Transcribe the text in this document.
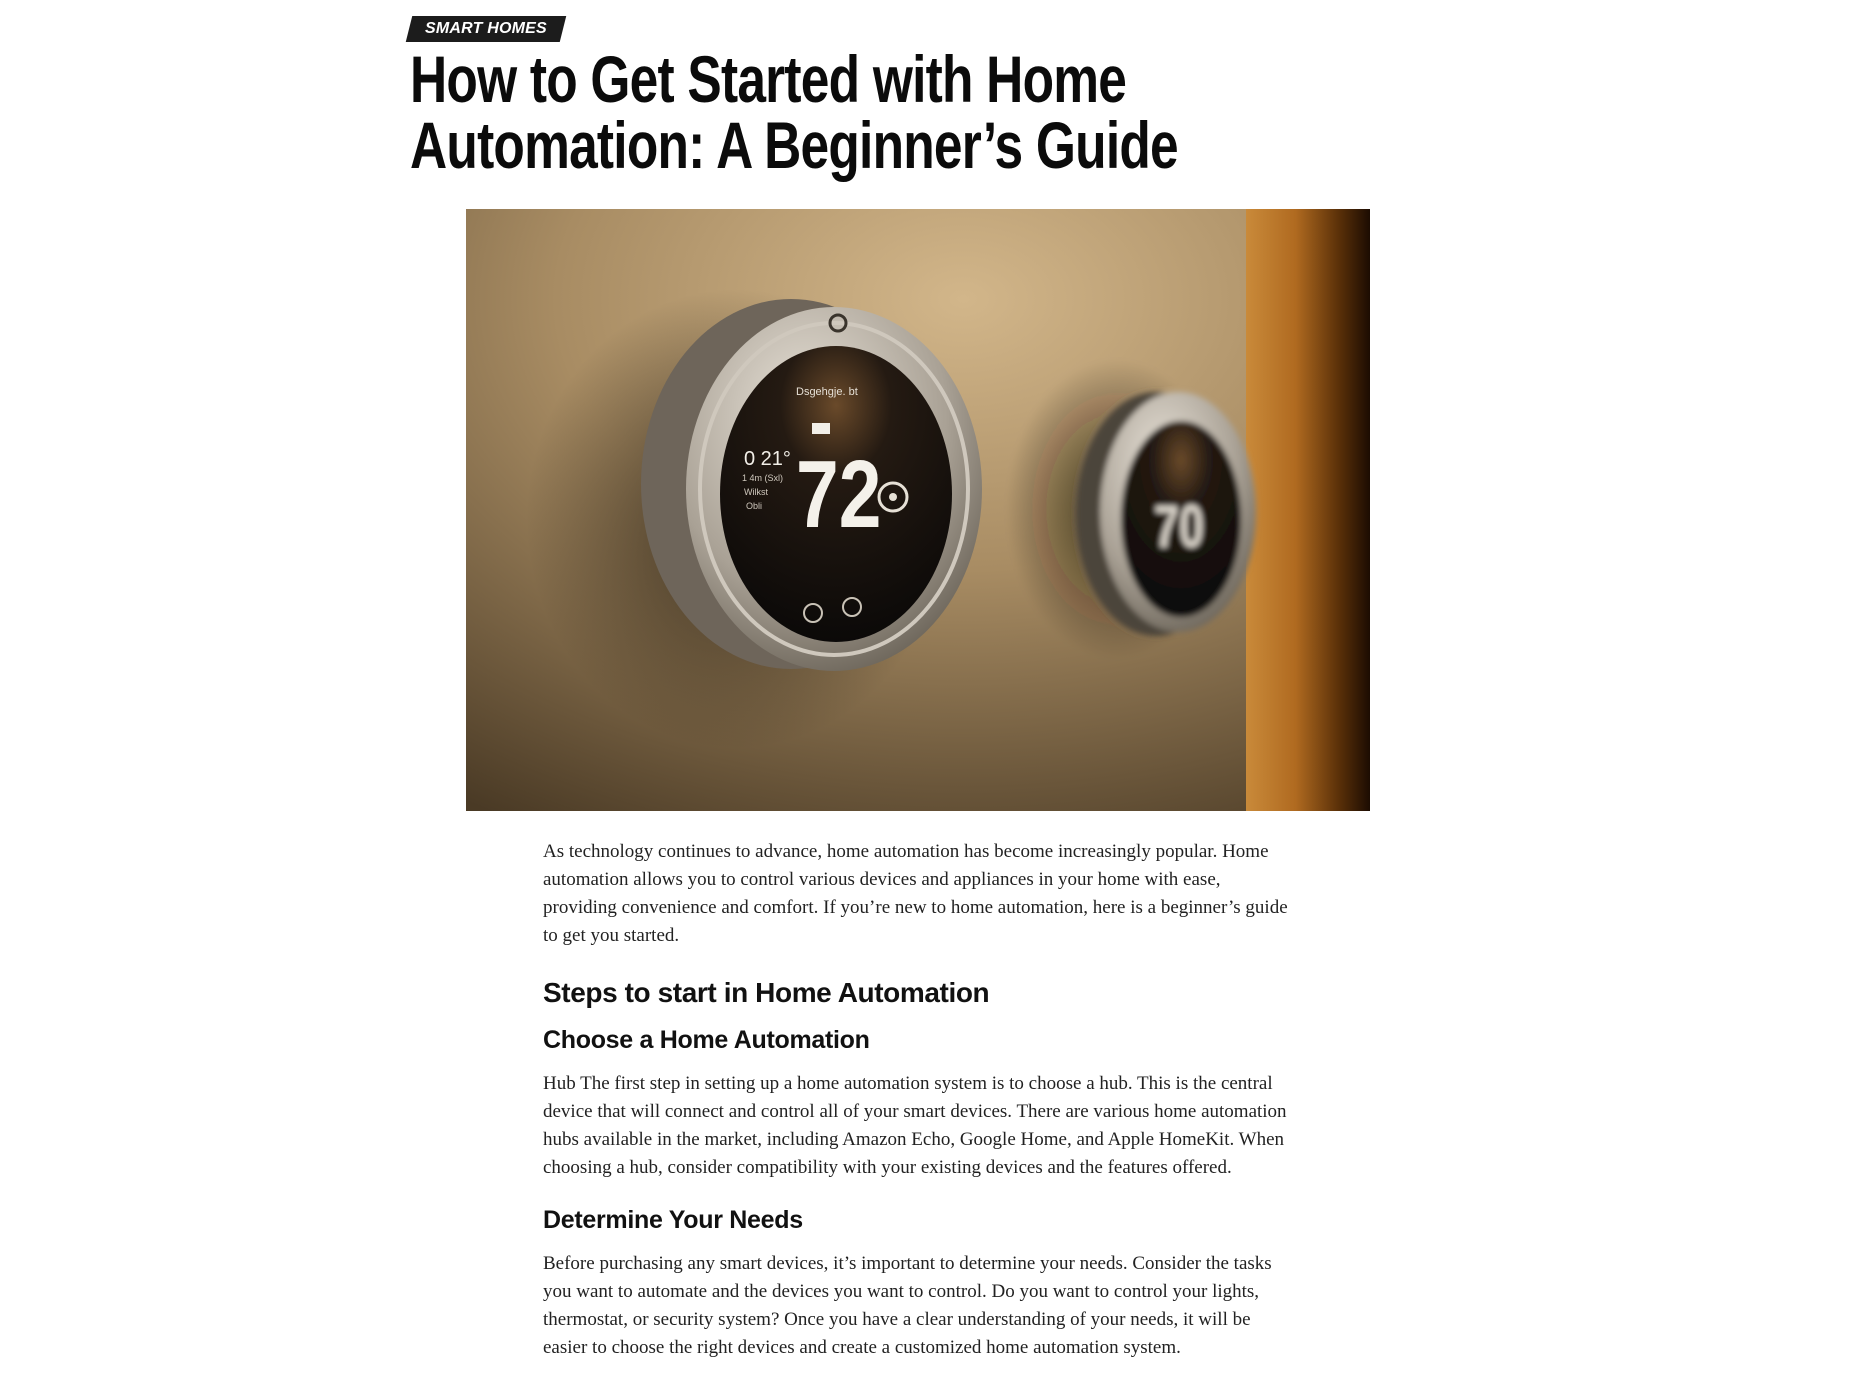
SMART HOMES
How to Get Started with Home Automation: A Beginner’s Guide
Dsgehgje. bt
72
0 21°
1 4m (Sxl)
Wilkst
Obli	70

As technology continues to advance, home automation has become increasingly popular. Home automation allows you to control various devices and appliances in your home with ease, providing convenience and comfort. If you’re new to home automation, here is a beginner’s guide to get you started.

Steps to start in Home Automation
Choose a Home Automation

Hub The first step in setting up a home automation system is to choose a hub. This is the central device that will connect and control all of your smart devices. There are various home automation hubs available in the market, including Amazon Echo, Google Home, and Apple HomeKit. When choosing a hub, consider compatibility with your existing devices and the features offered.

Determine Your Needs

Before purchasing any smart devices, it’s important to determine your needs. Consider the tasks you want to automate and the devices you want to control. Do you want to control your lights, thermostat, or security system? Once you have a clear understanding of your needs, it will be easier to choose the right devices and create a customized home automation system.
